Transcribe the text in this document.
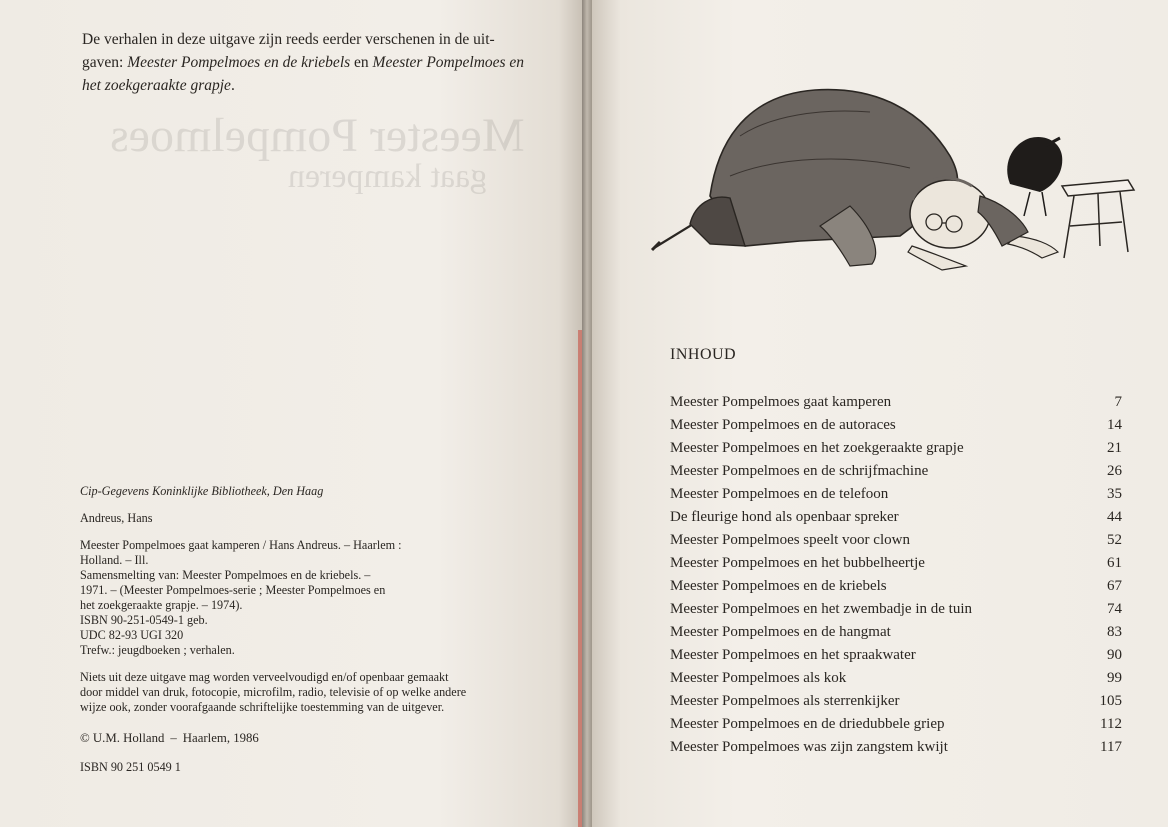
Meester Pompelmoes
gaat kamperen
De verhalen in deze uitgave zijn reeds eerder verschenen in de uit-
gaven: Meester Pompelmoes en de kriebels en Meester Pompelmoes en
het zoekgeraakte grapje.
Cip-Gegevens Koninklijke Bibliotheek, Den Haag
Andreus, Hans
Meester Pompelmoes gaat kamperen / Hans Andreus. – Haarlem :
Holland. – Ill.
Samensmelting van: Meester Pompelmoes en de kriebels. –
1971. – (Meester Pompelmoes-serie ; Meester Pompelmoes en
het zoekgeraakte grapje. – 1974).
ISBN 90-251-0549-1 geb.
UDC 82-93 UGI 320
Trefw.: jeugdboeken ; verhalen.
Niets uit deze uitgave mag worden verveelvoudigd en/of openbaar gemaakt
door middel van druk, fotocopie, microfilm, radio, televisie of op welke andere
wijze ook, zonder voorafgaande schriftelijke toestemming van de uitgever.
© U.M. Holland – Haarlem, 1986
ISBN 90 251 0549 1
INHOUD
Meester Pompelmoes gaat kamperen	7
Meester Pompelmoes en de autoraces	14
Meester Pompelmoes en het zoekgeraakte grapje	21
Meester Pompelmoes en de schrijfmachine	26
Meester Pompelmoes en de telefoon	35
De fleurige hond als openbaar spreker	44
Meester Pompelmoes speelt voor clown	52
Meester Pompelmoes en het bubbelheertje	61
Meester Pompelmoes en de kriebels	67
Meester Pompelmoes en het zwembadje in de tuin	74
Meester Pompelmoes en de hangmat	83
Meester Pompelmoes en het spraakwater	90
Meester Pompelmoes als kok	99
Meester Pompelmoes als sterrenkijker	105
Meester Pompelmoes en de driedubbele griep	112
Meester Pompelmoes was zijn zangstem kwijt	117
